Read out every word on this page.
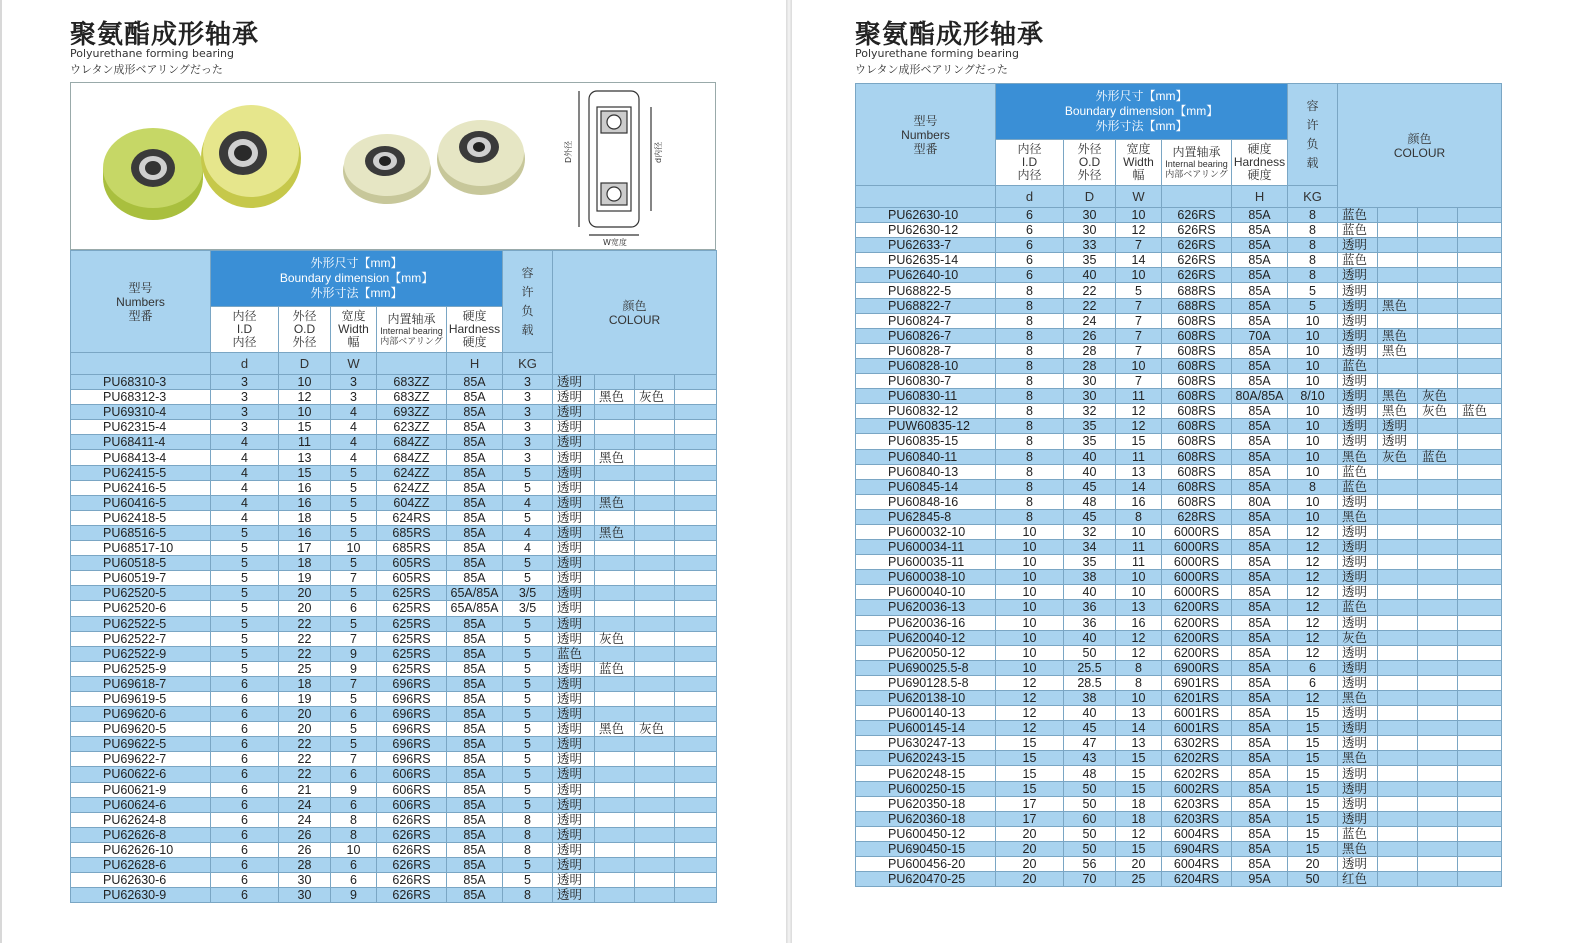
聚氨酯成形轴承
Polyurethane forming bearing
ウレタン成形ベアリングだった
D外径	d内径
W宽度
型号
Numbers
型番	外形尺寸【mm】
Boundary dimension【mm】
外形寸法【mm】					容许负载	颜色
COLOUR			
	内径
I.D
内径	外径
O.D
外径	宽度
Width
幅	内置轴承
Internal bearing
内部ベアリング	硬度
Hardness
硬度					
	d	D	W		H	KG				
PU68310-3	3	10	3	683ZZ	85A	3	透明			
PU68312-3	3	12	3	683ZZ	85A	3	透明	黑色	灰色	
PU69310-4	3	10	4	693ZZ	85A	3	透明			
PU62315-4	3	15	4	623ZZ	85A	3	透明			
PU68411-4	4	11	4	684ZZ	85A	3	透明			
PU68413-4	4	13	4	684ZZ	85A	3	透明	黑色		
PU62415-5	4	15	5	624ZZ	85A	5	透明			
PU62416-5	4	16	5	624ZZ	85A	5	透明			
PU60416-5	4	16	5	604ZZ	85A	4	透明	黑色		
PU62418-5	4	18	5	624RS	85A	5	透明			
PU68516-5	5	16	5	685RS	85A	4	透明	黑色		
PU68517-10	5	17	10	685RS	85A	4	透明			
PU60518-5	5	18	5	605RS	85A	5	透明			
PU60519-7	5	19	7	605RS	85A	5	透明			
PU62520-5	5	20	5	625RS	65A/85A	3/5	透明			
PU62520-6	5	20	6	625RS	65A/85A	3/5	透明			
PU62522-5	5	22	5	625RS	85A	5	透明			
PU62522-7	5	22	7	625RS	85A	5	透明	灰色		
PU62522-9	5	22	9	625RS	85A	5	蓝色			
PU62525-9	5	25	9	625RS	85A	5	透明	蓝色		
PU69618-7	6	18	7	696RS	85A	5	透明			
PU69619-5	6	19	5	696RS	85A	5	透明			
PU69620-6	6	20	6	696RS	85A	5	透明			
PU69620-5	6	20	5	696RS	85A	5	透明	黑色	灰色	
PU69622-5	6	22	5	696RS	85A	5	透明			
PU69622-7	6	22	7	696RS	85A	5	透明			
PU60622-6	6	22	6	606RS	85A	5	透明			
PU60621-9	6	21	9	606RS	85A	5	透明			
PU60624-6	6	24	6	606RS	85A	5	透明			
PU62624-8	6	24	8	626RS	85A	8	透明			
PU62626-8	6	26	8	626RS	85A	8	透明			
PU62626-10	6	26	10	626RS	85A	8	透明			
PU62628-6	6	28	6	626RS	85A	5	透明			
PU62630-6	6	30	6	626RS	85A	5	透明			
PU62630-9	6	30	9	626RS	85A	8	透明			
聚氨酯成形轴承
Polyurethane forming bearing
ウレタン成形ベアリングだった
型号
Numbers
型番	外形尺寸【mm】
Boundary dimension【mm】
外形寸法【mm】					容许负载	颜色
COLOUR			
	内径
I.D
内径	外径
O.D
外径	宽度
Width
幅	内置轴承
Internal bearing
内部ベアリング	硬度
Hardness
硬度					
	d	D	W		H	KG				
PU62630-10	6	30	10	626RS	85A	8	蓝色			
PU62630-12	6	30	12	626RS	85A	8	蓝色			
PU62633-7	6	33	7	626RS	85A	8	透明			
PU62635-14	6	35	14	626RS	85A	8	蓝色			
PU62640-10	6	40	10	626RS	85A	8	透明			
PU68822-5	8	22	5	688RS	85A	5	透明			
PU68822-7	8	22	7	688RS	85A	5	透明	黑色		
PU60824-7	8	24	7	608RS	85A	10	透明			
PU60826-7	8	26	7	608RS	70A	10	透明	黑色		
PU60828-7	8	28	7	608RS	85A	10	透明	黑色		
PU60828-10	8	28	10	608RS	85A	10	蓝色			
PU60830-7	8	30	7	608RS	85A	10	透明			
PU60830-11	8	30	11	608RS	80A/85A	8/10	透明	黑色	灰色	
PU60832-12	8	32	12	608RS	85A	10	透明	黑色	灰色	蓝色
PUW60835-12	8	35	12	608RS	85A	10	透明	透明		
PU60835-15	8	35	15	608RS	85A	10	透明	透明		
PU60840-11	8	40	11	608RS	85A	10	黑色	灰色	蓝色	
PU60840-13	8	40	13	608RS	85A	10	蓝色			
PU60845-14	8	45	14	608RS	85A	8	蓝色			
PU60848-16	8	48	16	608RS	80A	10	透明			
PU62845-8	8	45	8	628RS	85A	10	黑色			
PU600032-10	10	32	10	6000RS	85A	12	透明			
PU600034-11	10	34	11	6000RS	85A	12	透明			
PU600035-11	10	35	11	6000RS	85A	12	透明			
PU600038-10	10	38	10	6000RS	85A	12	透明			
PU600040-10	10	40	10	6000RS	85A	12	透明			
PU620036-13	10	36	13	6200RS	85A	12	蓝色			
PU620036-16	10	36	16	6200RS	85A	12	透明			
PU620040-12	10	40	12	6200RS	85A	12	灰色			
PU620050-12	10	50	12	6200RS	85A	12	透明			
PU690025.5-8	10	25.5	8	6900RS	85A	6	透明			
PU690128.5-8	12	28.5	8	6901RS	85A	6	透明			
PU620138-10	12	38	10	6201RS	85A	12	黑色			
PU600140-13	12	40	13	6001RS	85A	15	透明			
PU600145-14	12	45	14	6001RS	85A	15	透明			
PU630247-13	15	47	13	6302RS	85A	15	透明			
PU620243-15	15	43	15	6202RS	85A	15	黑色			
PU620248-15	15	48	15	6202RS	85A	15	透明			
PU600250-15	15	50	15	6002RS	85A	15	透明			
PU620350-18	17	50	18	6203RS	85A	15	透明			
PU620360-18	17	60	18	6203RS	85A	15	透明			
PU600450-12	20	50	12	6004RS	85A	15	蓝色			
PU690450-15	20	50	15	6904RS	85A	15	黑色			
PU600456-20	20	56	20	6004RS	85A	20	透明			
PU620470-25	20	70	25	6204RS	95A	50	红色			
